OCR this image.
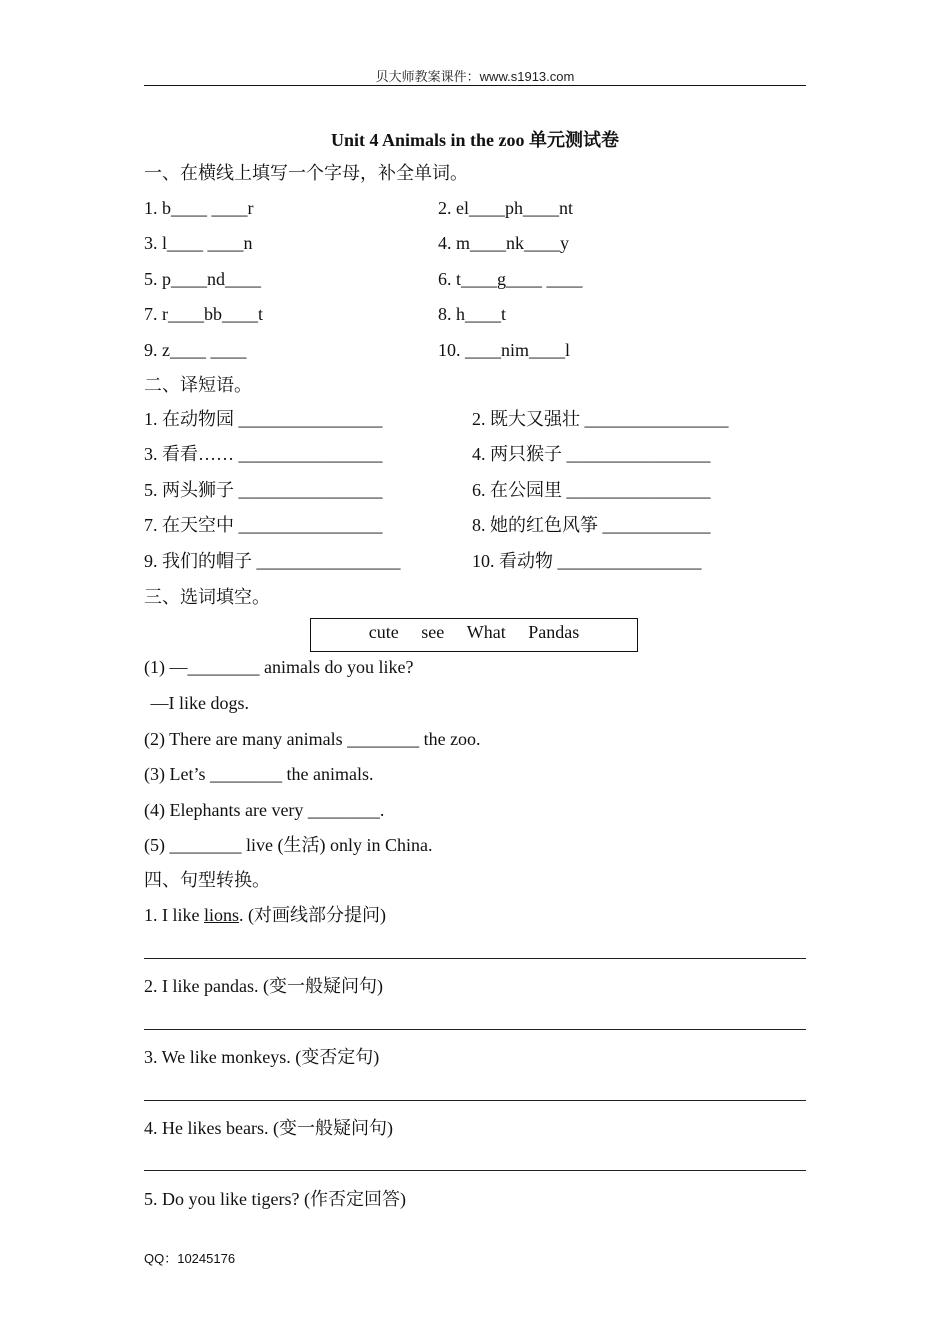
贝大师教案课件：www.s1913.com
Unit 4 Animals in the zoo 单元测试卷
一、在横线上填写一个字母，补全单词。
1. b____ ____r	2. el____ph____nt
3. l____ ____n	4. m____nk____y
5. p____nd____	6. t____g____ ____
7. r____bb____t	8. h____t
9. z____ ____	10. ____nim____l
二、译短语。
1. 在动物园 ________________	2. 既大又强壮 ________________
3. 看看…… ________________	4. 两只猴子 ________________
5. 两头狮子 ________________	6. 在公园里 ________________
7. 在天空中 ________________	8. 她的红色风筝 ____________
9. 我们的帽子 ________________	10. 看动物 ________________
三、选词填空。
cute see What Pandas
(1) —________ animals do you like?
—I like dogs.
(2) There are many animals ________ the zoo.
(3) Let’s ________ the animals.
(4) Elephants are very ________.
(5) ________ live (生活) only in China.
四、句型转换。
1. I like lions. (对画线部分提问)
2. I like pandas. (变一般疑问句)
3. We like monkeys. (变否定句)
4. He likes bears. (变一般疑问句)
5. Do you like tigers? (作否定回答)
QQ：10245176
